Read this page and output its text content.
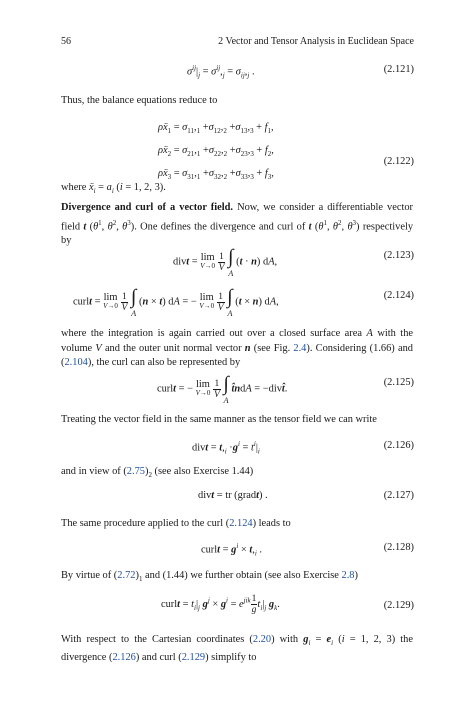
56	2 Vector and Tensor Analysis in Euclidean Space
$\sigma^{ij}|_j = \sigma^{ij},_j = \sigma_{ij},_j$ .	(2.121)
Thus, the balance equations reduce to
ρẍ$_1$ = $\sigma_{11},_1 +\sigma_{12},_2 +\sigma_{13},_3 + f_1$,
ρẍ$_2$ = $\sigma_{21},_1 +\sigma_{22},_2 +\sigma_{23},_3 + f_2$,
ρẍ$_3$ = $\sigma_{31},_1 +\sigma_{32},_2 +\sigma_{33},_3 + f_3$,
(2.122)
where ẍ$_i$ = $a_i$ (i = 1, 2, 3).
Divergence and curl of a vector field. Now, we consider a differentiable vector field t ($\theta^1$, $\theta^2$, $\theta^3$). One defines the divergence and curl of t ($\theta^1$, $\theta^2$, $\theta^3$) respectively by
divt = lim
V→0
$\frac{1}{V}$
∫
A
(t · n) dA,
(2.123)
curlt = lim
V→0
$\frac{1}{V}$
∫
A
(n × t) dA = − lim
V→0
$\frac{1}{V}$
∫
A
(t × n) dA,
(2.124)
where the integration is again carried out over a closed surface area A with the volume V and the outer unit normal vector n (see Fig. 2.4). Considering (1.66) and (2.104), the curl can also be represented by
curlt = − lim
V→0
$\frac{1}{V}$
∫
A
t̂ndA = −divt̂.
(2.125)
Treating the vector field in the same manner as the tensor field we can write
divt = $t,_i \cdot g^i = t^i|_i$
(2.126)
and in view of $(2.75)_2$ (see also Exercise 1.44)
divt = tr (gradt) .	(2.127)
The same procedure applied to the curl (2.124) leads to
curlt = $g^i \times t,_i$ .	(2.128)
By virtue of $(2.72)_1$ and (1.44) we further obtain (see also Exercise 2.8)
curlt = $t_i|_j$ $g^j \times g^i = e^{jik} \frac{1}{g} t_i|_j$ $g_k$.	(2.129)
With respect to the Cartesian coordinates (2.20) with $g_i = e_i$ (i = 1, 2, 3) the divergence (2.126) and curl (2.129) simplify to
